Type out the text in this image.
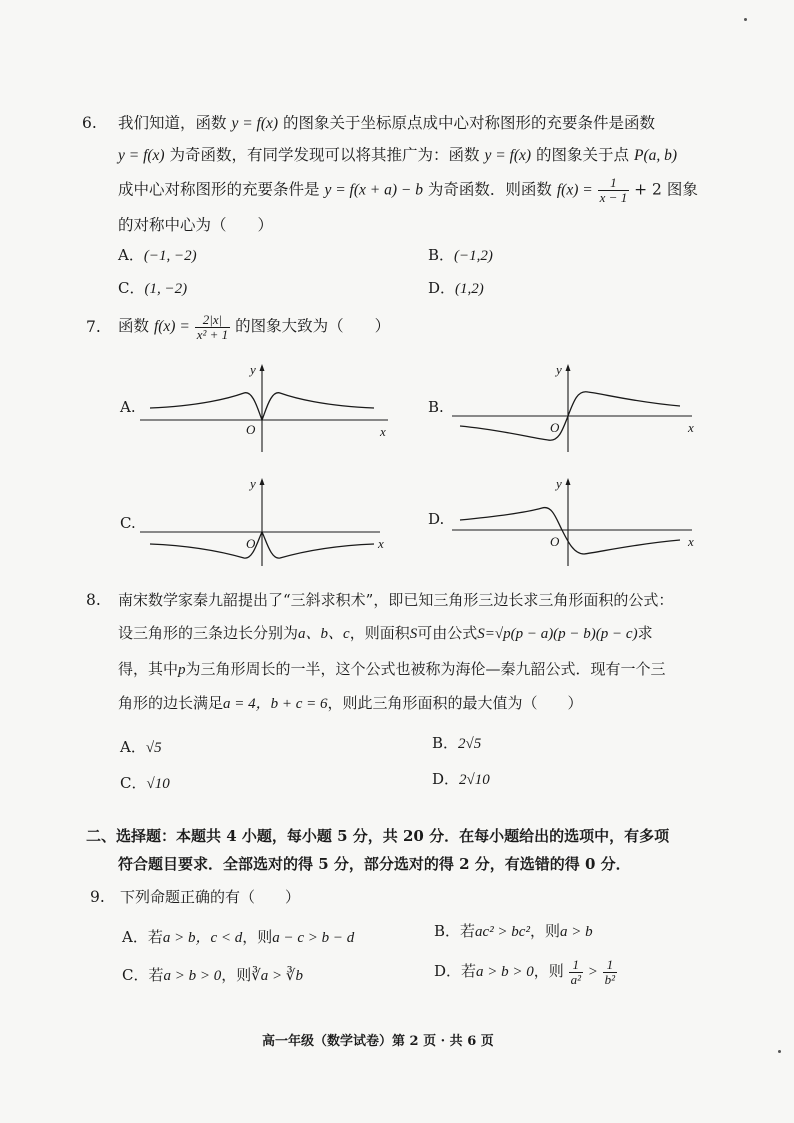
6. 我们知道，函数 y = f(x) 的图象关于坐标原点成中心对称图形的充要条件是函数
y = f(x) 为奇函数，有同学发现可以将其推广为：函数 y = f(x) 的图象关于点 P(a, b)
成中心对称图形的充要条件是 y = f(x + a) − b 为奇函数．则函数 $f(x) = \frac{1}{x - 1} + 2$ 图象
的对称中心为（　　）
A．(−1, −2)	B．(−1,2)
C．(1, −2)	D．(1,2)
7. 函数 $f(x) = \frac{2|x|}{\text{x² + 1}}$ 的图象大致为（　　）
A.
y
x
O
B.
y
x
O
C.
y
x
O
D.
y
x
O
8. 南宋数学家秦九韶提出了“三斜求积术”，即已知三角形三边长求三角形面积的公式：
设三角形的三条边长分别为a、b、c，则面积S可由公式S=√p(p − a)(p − b)(p − c)求
得，其中p为三角形周长的一半，这个公式也被称为海伦—秦九韶公式．现有一个三
角形的边长满足a = 4，b + c = 6，则此三角形面积的最大值为（　　）
A．√5	B．2√5
C．√10	D．2√10
二、选择题：本题共 4 小题，每小题 5 分，共 20 分．在每小题给出的选项中，有多项
符合题目要求．全部选对的得 5 分，部分选对的得 2 分，有选错的得 0 分．
9. 下列命题正确的有（　　）
A．若a > b，c < d，则a − c > b − d	B．若ac² > bc²，则a > b
C．若a > b > 0，则∛a > ∛b	D．若a > b > 0，则 $\frac{1}{\text{a²}} > \frac{1}{\text{b²}}$
高一年级（数学试卷）第 2 页 · 共 6 页
